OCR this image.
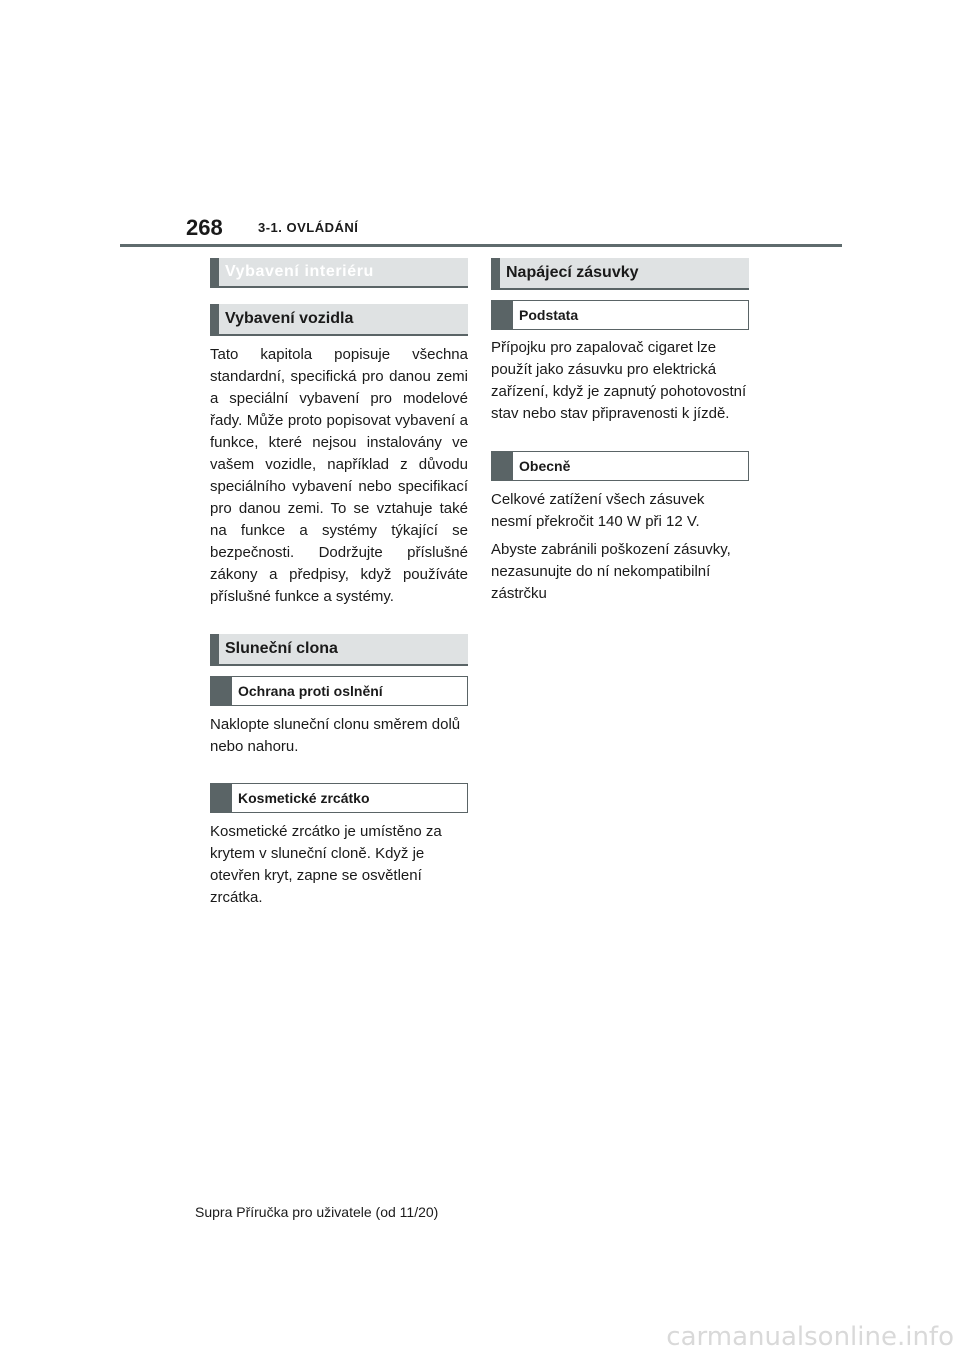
268	3-1. OVLÁDÁNÍ
Vybavení interiéru
Vybavení vozidla

Tato kapitola popisuje všechna standardní, specifická pro danou zemi a speciální vybavení pro modelové řady. Může proto popisovat vybavení a funkce, které nejsou instalovány ve vašem vozidle, například z důvodu speciálního vybavení nebo specifikací pro danou zemi. To se vztahuje také na funkce a systémy týkající se bezpečnosti. Dodržujte příslušné zákony a předpisy, když používáte příslušné funkce a systémy.

Sluneční clona
Ochrana proti oslnění

Naklopte sluneční clonu směrem dolů nebo nahoru.

Kosmetické zrcátko

Kosmetické zrcátko je umístěno za krytem v sluneční cloně. Když je otevřen kryt, zapne se osvětlení zrcátka.

Napájecí zásuvky
Podstata

Přípojku pro zapalovač cigaret lze použít jako zásuvku pro elektrická zařízení, když je zapnutý pohotovostní stav nebo stav připravenosti k jízdě.

Obecně

Celkové zatížení všech zásuvek nesmí překročit 140 W při 12 V.

Abyste zabránili poškození zásuvky, nezasunujte do ní nekompatibilní zástrčku

Supra Příručka pro uživatele (od 11/20)
carmanualsonline.info
